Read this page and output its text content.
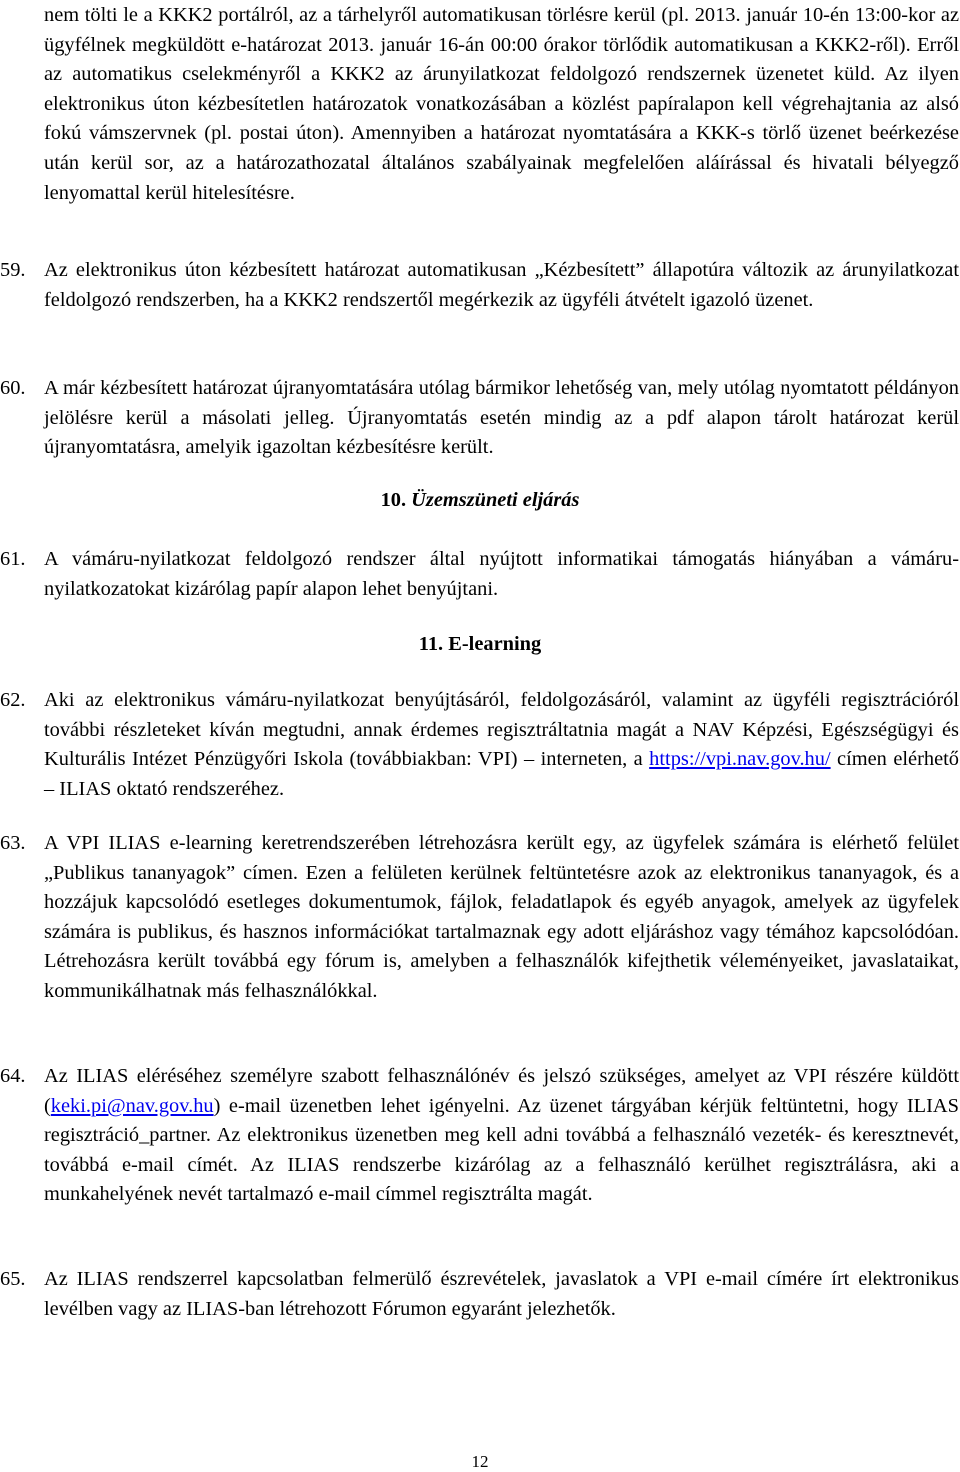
nem tölti le a KKK2 portálról, az a tárhelyről automatikusan törlésre kerül (pl. 2013. január 10-én 13:00-kor az ügyfélnek megküldött e-határozat 2013. január 16-án 00:00 órakor törlődik automatikusan a KKK2-ről). Erről az automatikus cselekményről a KKK2 az árunyilatkozat feldolgozó rendszernek üzenetet küld. Az ilyen elektronikus úton kézbesítetlen határozatok vonatkozásában a közlést papíralapon kell végrehajtania az alsó fokú vámszervnek (pl. postai úton). Amennyiben a határozat nyomtatására a KKK-s törlő üzenet beérkezése után kerül sor, az a határozathozatal általános szabályainak megfelelően aláírással és hivatali bélyegző lenyomattal kerül hitelesítésre.

59. Az elektronikus úton kézbesített határozat automatikusan „Kézbesített” állapotúra változik az árunyilatkozat feldolgozó rendszerben, ha a KKK2 rendszertől megérkezik az ügyféli átvételt igazoló üzenet.

60. A már kézbesített határozat újranyomtatására utólag bármikor lehetőség van, mely utólag nyomtatott példányon jelölésre kerül a másolati jelleg. Újranyomtatás esetén mindig az a pdf alapon tárolt határozat kerül újranyomtatásra, amelyik igazoltan kézbesítésre került.

10. Üzemszüneti eljárás
61. A vámáru-nyilatkozat feldolgozó rendszer által nyújtott informatikai támogatás hiányában a vámáru-nyilatkozatokat kizárólag papír alapon lehet benyújtani.

11. E-learning
62. Aki az elektronikus vámáru-nyilatkozat benyújtásáról, feldolgozásáról, valamint az ügyféli regisztrációról további részleteket kíván megtudni, annak érdemes regisztráltatnia magát a NAV Képzési, Egészségügyi és Kulturális Intézet Pénzügyőri Iskola (továbbiakban: VPI) – interneten, a https://vpi.nav.gov.hu/ címen elérhető – ILIAS oktató rendszeréhez.

63. A VPI ILIAS e-learning keretrendszerében létrehozásra került egy, az ügyfelek számára is elérhető felület „Publikus tananyagok” címen. Ezen a felületen kerülnek feltüntetésre azok az elektronikus tananyagok, és a hozzájuk kapcsolódó esetleges dokumentumok, fájlok, feladatlapok és egyéb anyagok, amelyek az ügyfelek számára is publikus, és hasznos információkat tartalmaznak egy adott eljáráshoz vagy témához kapcsolódóan. Létrehozásra került továbbá egy fórum is, amelyben a felhasználók kifejthetik véleményeiket, javaslataikat, kommunikálhatnak más felhasználókkal.

64. Az ILIAS eléréséhez személyre szabott felhasználónév és jelszó szükséges, amelyet az VPI részére küldött (keki.pi@nav.gov.hu) e-mail üzenetben lehet igényelni. Az üzenet tárgyában kérjük feltüntetni, hogy ILIAS regisztráció_partner. Az elektronikus üzenetben meg kell adni továbbá a felhasználó vezeték- és keresztnevét, továbbá e-mail címét. Az ILIAS rendszerbe kizárólag az a felhasználó kerülhet regisztrálásra, aki a munkahelyének nevét tartalmazó e-mail címmel regisztrálta magát.

65. Az ILIAS rendszerrel kapcsolatban felmerülő észrevételek, javaslatok a VPI e-mail címére írt elektronikus levélben vagy az ILIAS-ban létrehozott Fórumon egyaránt jelezhetők.

12
